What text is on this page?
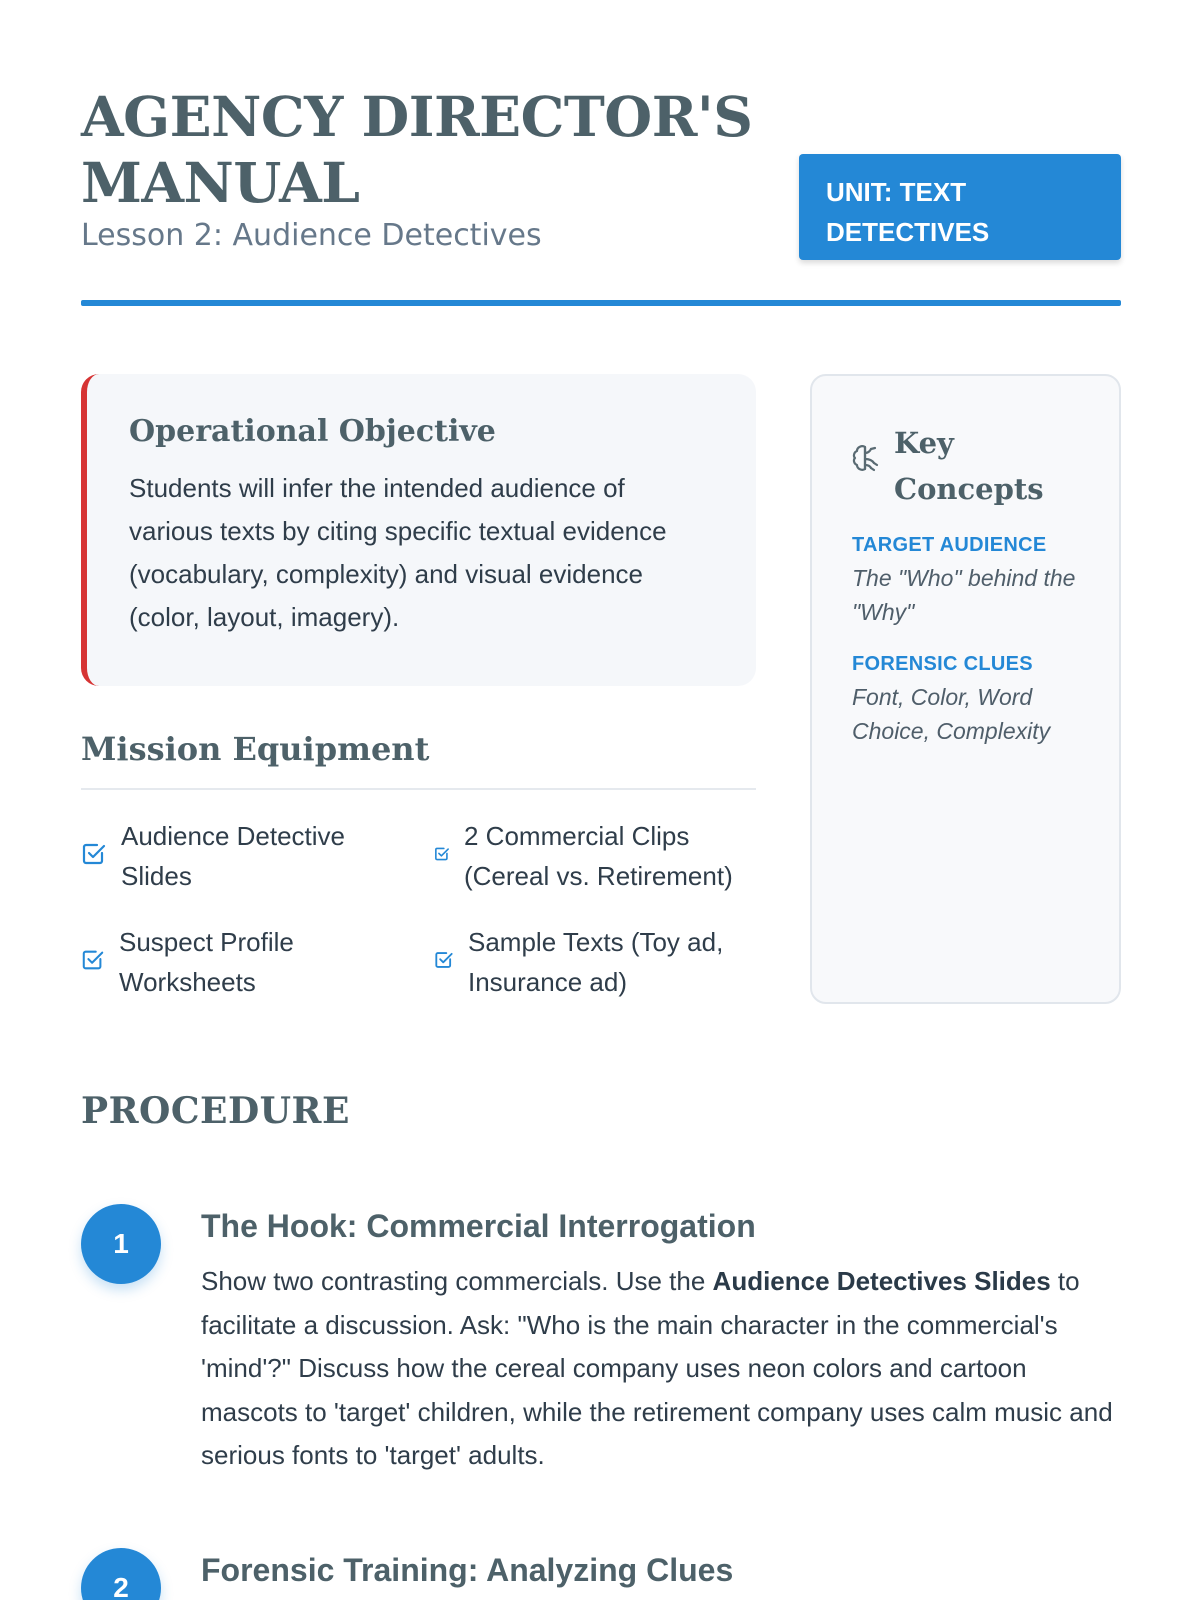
AGENCY DIRECTOR'S
MANUAL
Lesson 2: Audience Detectives
UNIT: TEXT
DETECTIVES
Operational Objective

Students will infer the intended audience of various texts by citing specific textual evidence (vocabulary, complexity) and visual evidence (color, layout, imagery).

Key
Concepts
TARGET AUDIENCE
The "Who" behind the "Why"
FORENSIC CLUES
Font, Color, Word Choice, Complexity
Mission Equipment
Audience Detective
Slides
2 Commercial Clips
(Cereal vs. Retirement)
Suspect Profile
Worksheets
Sample Texts (Toy ad,
Insurance ad)
PROCEDURE
1	The Hook: Commercial Interrogation
Show two contrasting commercials. Use the Audience Detectives Slides to facilitate a discussion. Ask: "Who is the main character in the commercial's 'mind'?" Discuss how the cereal company uses neon colors and cartoon mascots to 'target' children, while the retirement company uses calm music and serious fonts to 'target' adults.
2	Forensic Training: Analyzing Clues
